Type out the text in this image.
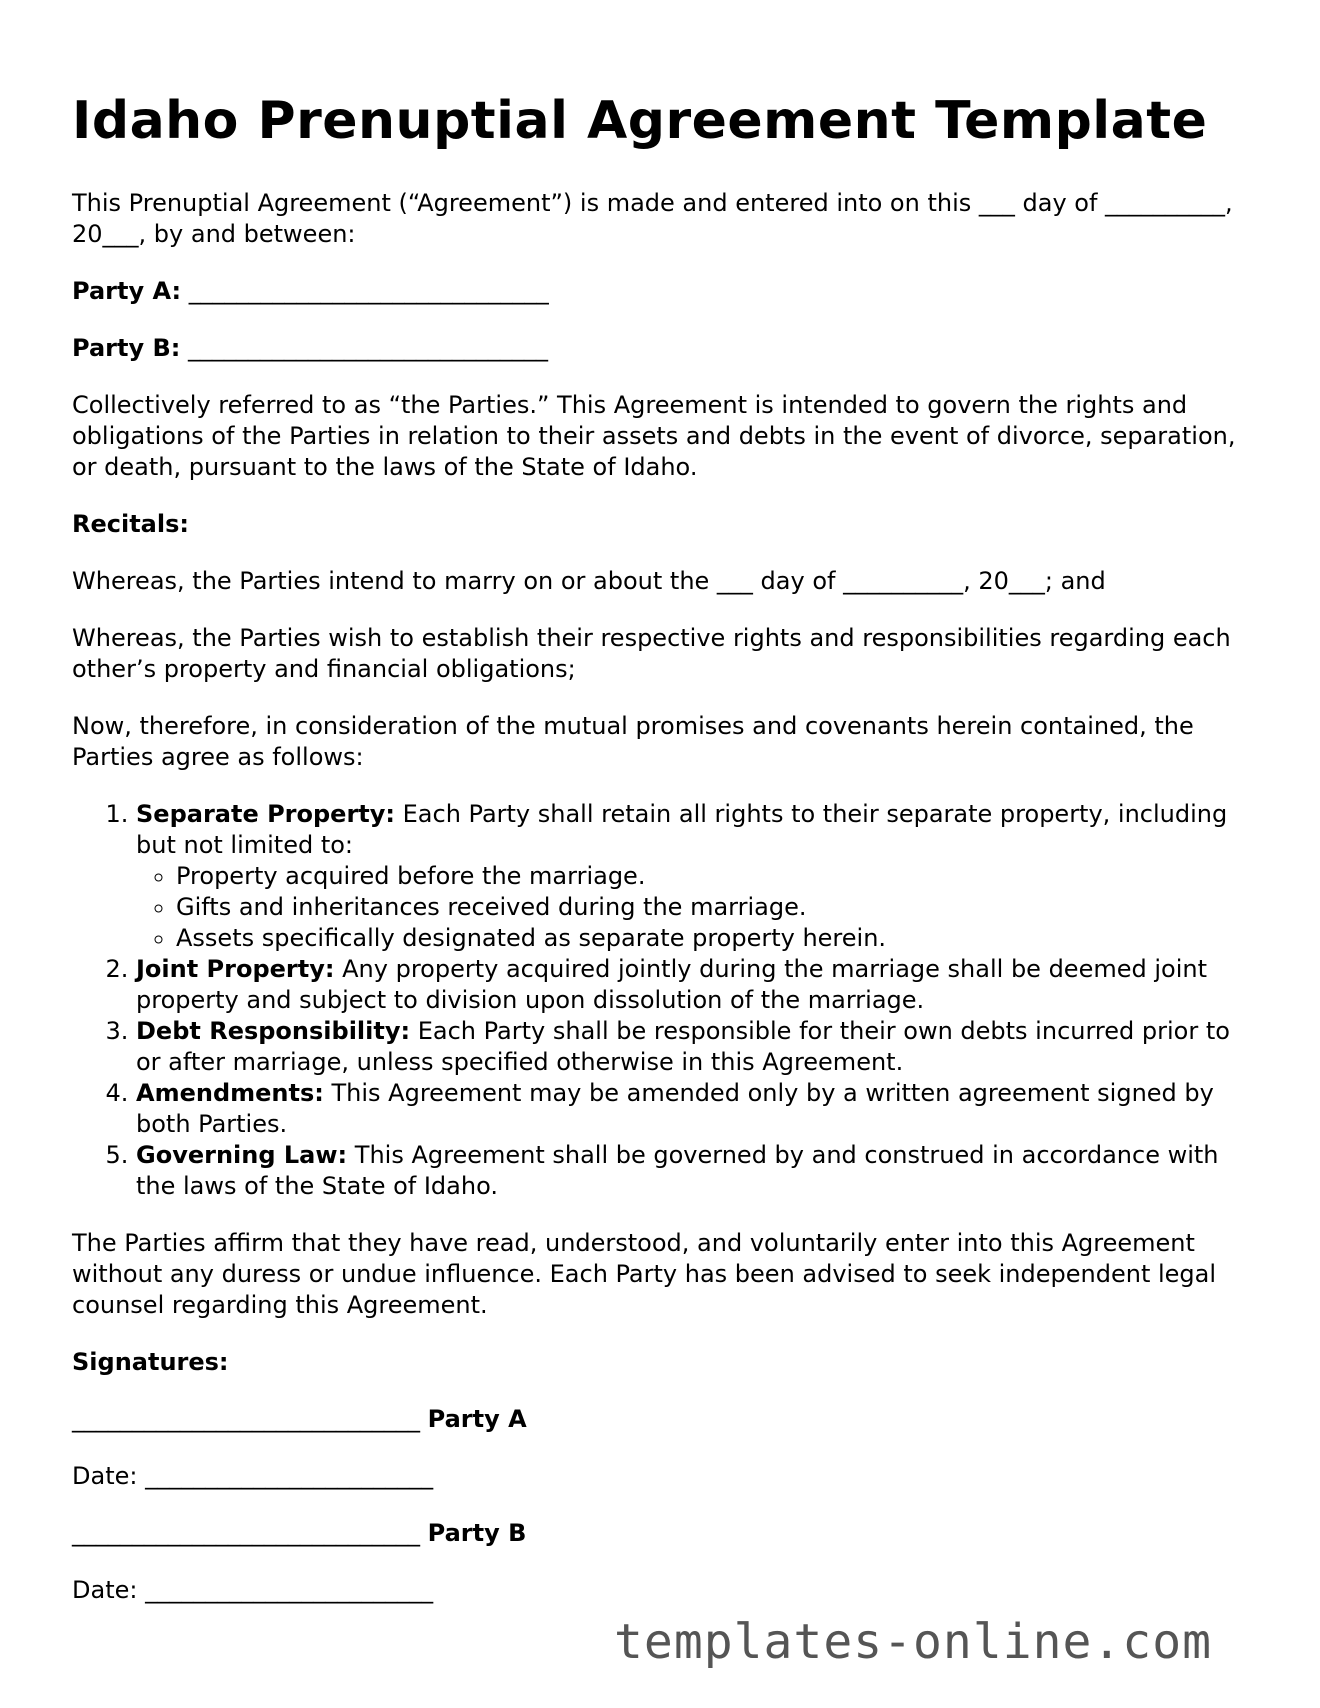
Idaho Prenuptial Agreement Template

This Prenuptial Agreement (“Agreement”) is made and entered into on this ___ day of __________, 20___, by and between:

Party A: ______________________________

Party B: ______________________________

Collectively referred to as “the Parties.” This Agreement is intended to govern the rights and obligations of the Parties in relation to their assets and debts in the event of divorce, separation, or death, pursuant to the laws of the State of Idaho.

Recitals:

Whereas, the Parties intend to marry on or about the ___ day of __________, 20___; and

Whereas, the Parties wish to establish their respective rights and responsibilities regarding each other’s property and financial obligations;

Now, therefore, in consideration of the mutual promises and covenants herein contained, the Parties agree as follows:

1. Separate Property: Each Party shall retain all rights to their separate property, including but not limited to:
◦ Property acquired before the marriage.
◦ Gifts and inheritances received during the marriage.
◦ Assets specifically designated as separate property herein.
2. Joint Property: Any property acquired jointly during the marriage shall be deemed joint property and subject to division upon dissolution of the marriage.
3. Debt Responsibility: Each Party shall be responsible for their own debts incurred prior to or after marriage, unless specified otherwise in this Agreement.
4. Amendments: This Agreement may be amended only by a written agreement signed by both Parties.
5. Governing Law: This Agreement shall be governed by and construed in accordance with the laws of the State of Idaho.

The Parties affirm that they have read, understood, and voluntarily enter into this Agreement without any duress or undue influence. Each Party has been advised to seek independent legal counsel regarding this Agreement.

Signatures:

_____________________________ Party A

Date: ________________________

_____________________________ Party B

Date: ________________________

templates-online.com
